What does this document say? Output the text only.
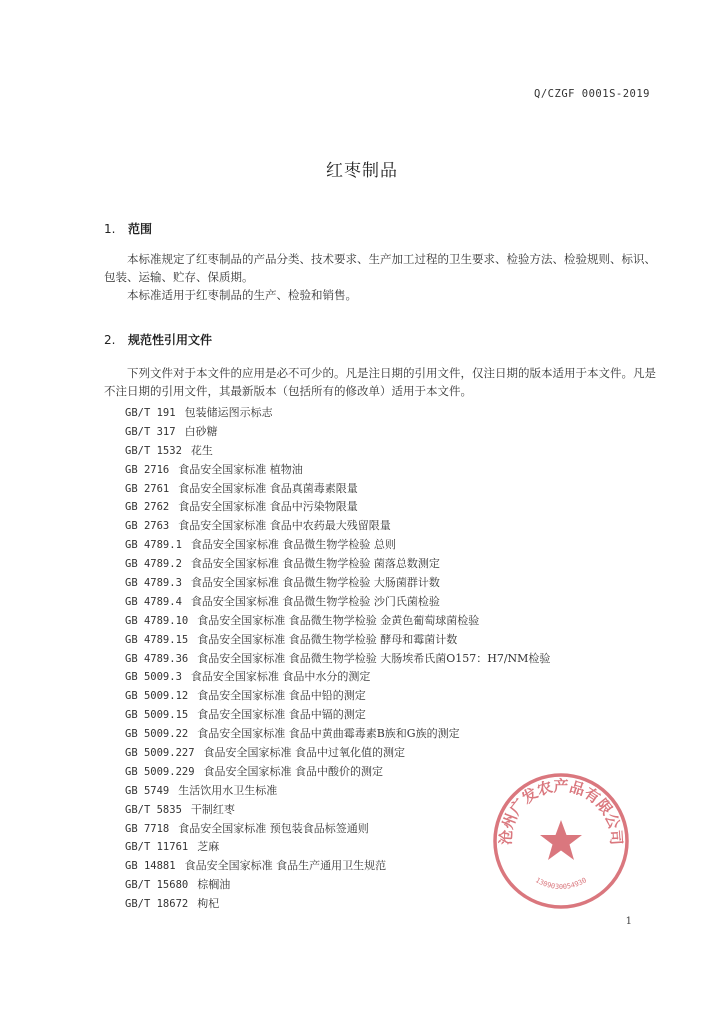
Q/CZGF 0001S-2019
红枣制品
1. 范围

本标准规定了红枣制品的产品分类、技术要求、生产加工过程的卫生要求、检验方法、检验规则、标识、包装、运输、贮存、保质期。

本标准适用于红枣制品的生产、检验和销售。

2. 规范性引用文件

下列文件对于本文件的应用是必不可少的。凡是注日期的引用文件，仅注日期的版本适用于本文件。凡是不注日期的引用文件，其最新版本（包括所有的修改单）适用于本文件。

GB/T 191 包装储运图示标志
GB/T 317 白砂糖
GB/T 1532 花生
GB 2716 食品安全国家标准 植物油
GB 2761 食品安全国家标准 食品真菌毒素限量
GB 2762 食品安全国家标准 食品中污染物限量
GB 2763 食品安全国家标准 食品中农药最大残留限量
GB 4789.1 食品安全国家标准 食品微生物学检验 总则
GB 4789.2 食品安全国家标准 食品微生物学检验 菌落总数测定
GB 4789.3 食品安全国家标准 食品微生物学检验 大肠菌群计数
GB 4789.4 食品安全国家标准 食品微生物学检验 沙门氏菌检验
GB 4789.10 食品安全国家标准 食品微生物学检验 金黄色葡萄球菌检验
GB 4789.15 食品安全国家标准 食品微生物学检验 酵母和霉菌计数
GB 4789.36 食品安全国家标准 食品微生物学检验 大肠埃希氏菌O157：H7/NM检验
GB 5009.3 食品安全国家标准 食品中水分的测定
GB 5009.12 食品安全国家标准 食品中铅的测定
GB 5009.15 食品安全国家标准 食品中镉的测定
GB 5009.22 食品安全国家标准 食品中黄曲霉毒素B族和G族的测定
GB 5009.227 食品安全国家标准 食品中过氧化值的测定
GB 5009.229 食品安全国家标准 食品中酸价的测定
GB 5749 生活饮用水卫生标准
GB/T 5835 干制红枣
GB 7718 食品安全国家标准 预包装食品标签通则
GB/T 11761 芝麻
GB 14881 食品安全国家标准 食品生产通用卫生规范
GB/T 15680 棕榈油
GB/T 18672 枸杞
1
沧州广发农产品有限公司
1309030054930
